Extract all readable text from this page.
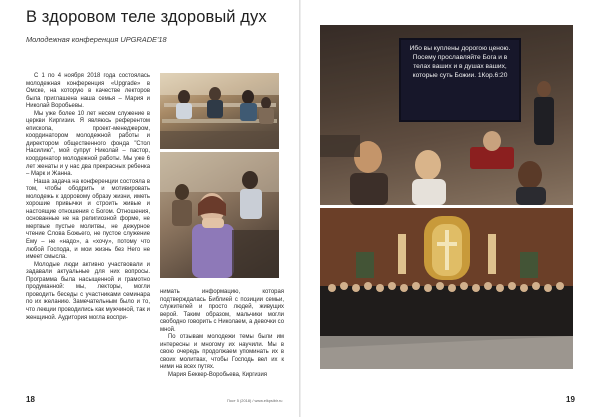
В здоровом теле здоровый дух
Молодежная конференция UPGRADE'18

С 1 по 4 ноября 2018 года состоялась молодежная конференция «Upgrade» в Омске, на которую в качестве лекторов была приглашена наша семья – Мария и Николай Воробьевы.

Мы уже более 10 лет несем служение в церкви Киргизии. Я являюсь референтом епископа, проект-менеджером, координатором молодежной работы и директором общественного фонда "Стол Насилию", мой супруг Николай – пастор, координатор молодежной работы. Мы уже 6 лет женаты и у нас два прекрасных ребенка – Марк и Жанна.

Наша задача на конференции состояла в том, чтобы ободрить и мотивировать молодежь к здоровому образу жизни, иметь хорошие привычки и строить живые и настоящие отношения с Богом. Отношения, основанные не на религиозной форме, не мертвые пустые молитвы, не дежурное чтение Слова Божьего, не пустое служение Ему – не «надо», а «хочу», потому что любой Господа, и мои жизнь без Него не имеет смысла.

Молодые люди активно участвовали и задавали актуальные для них вопросы. Программа была насыщенной и грамотно продуманной: мы, лекторы, могли проводить беседы с участниками семинара по их желанию. Замечательным было и то, что лекции проводились как мужчиной, так и женщиной. Аудитория могла воспри-

нимать информацию, которая подтверждалась Библией с позиции семьи, служителей и просто людей, живущих верой. Таким образом, мальчики могли свободно говорить с Николаем, а девочки со мной.

По отзывам молодежи темы были им интересны и многому их научили. Мы в свою очередь продолжаем упоминать их в своих молитвах, чтобы Господь вел их к ними на всех путях.

Мария Беккер-Воробьева, Киргизия

18
Ибо вы куплены дорогою ценою. Посему прославляйте Бога и в телах ваших и в душах ваших, которые суть Божии. 1Кор.6:20
Пост 5 (2018) / www.elkpsibir.ru	19
